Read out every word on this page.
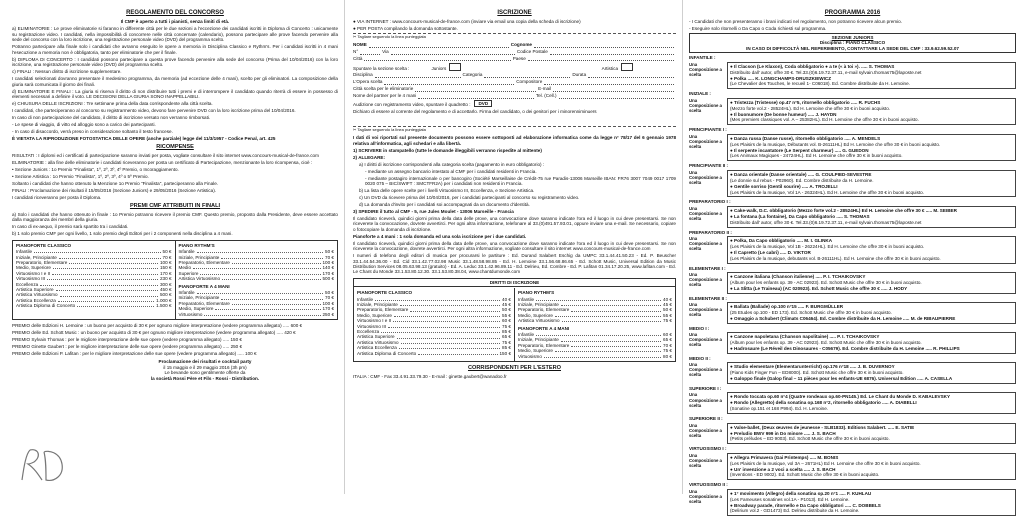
REGOLAMENTO DEL CONCORSO
Il CMF è aperto a tutti i pianisti, senza limiti di età.

a) ELIMINATORIE : Le prove eliminatorie si faranno in differente città per le due sezioni a l'eccezione dei candidati iscritti in Diploma di Concerto : unicamente su registrazione video. I candidati, nella impossibilità di concorrere nelle città concernate (calendario), possono partecipare alle prove facendo pervenire alla sede del concorso con la loro iscrizione, una registrazione personale video (DVD) del programma scelto.

Potranno partecipare alla finale solo i candidati che avranno eseguito le opere a memoria in Disciplina Classico e Rythm's. Per i candidati iscritti in 4 mani l'esecuzione a memoria non è obbligatoria, tanto per eliminatorie che per il finale.

b) DIPLOMA DI CONCERTO : I candidati possono partecipare a questa prove facendo pervenire alla sede del concorso (Prima del 10/04/2016) con la loro iscrizione, una registrazione personale video (DVD) del programma scelto.

c) FINALI : Nessun diritto di iscrizione supplementare.

I candidati selezionati dovranno presentare il medesimo programma, da memoria (ad eccezione delle 4 mani), scelto per gli eliminatori. La composizione della giuria sarà comunicata il giorno dei finali.

d) ELIMINATORIE E FINALI : La giuria si riserva il diritto di non distribuire tutti i premi e di interrompere il candidato quando riterrà di essere in possesso di elementi necessari a definire il voto. LE DECISIONI DELLA GIURIA SONO INAPPELLABILI.

e) CHIUSURA DELLE ISCRIZIONI : Tre settimane prima della data corrispondente alla città scelta.

I candidati, che parteciperanno al concorso su registrarmento video, devono fare pervenire DVD con la loro iscrizione prima del 10/04/2016.

In caso di non partecipazione del candidato, il diritto di iscrizione versato non verranno rimborsati.

- Le spese di viaggio, di vitto ed alloggio sono a carico dei partecipanti.

- In caso di disaccordo, verrà preso in considerazione soltanto il testo francese.

È VIETATA LA RIPRODUZIONE FOTOSTATICA DELLE OPERE (anche parziale) legge del 11/3/1957 - Codice Penal, art. 425

RICOMPENSE

RISULTATI : I diplomi ed i certificati di partecipazione saranno inviati per posta, vogliate consultare il sito internet www.concours-musical-de-france.com

ELIMINATORIE : alla fine delle eliminatorie i candidati riceveranno per posta un certificato di Partecipazione, menzionante la loro ricompensa, cioè :

• Sezione Juniors : 1o Premio "Finalista", 1º, 2º, 3º, 4º Premio, o Incoraggiamento.

• Sezione Artistica : 1o Premio "Finalista", 1º, 2º, 3º, 4º o 5º Premio.

Soltanto i candidati che hanno ottenuto la Menzione 1o Premio "Finalista", parteciperanno alla Finale.

FINALI : Proclamazione dei risultati il 15/05/2016 (Sezione Juniors) e 29/05/2016 (Sezione Artistica).

I candidati riceveranno per posta il Diploma.

PREMI CMF ATTRIBUITI IN FINALI

a) Solo i candidati che hanno ottenuto in finale : 1o Premio potranno ricevere il premio CMF. Questo premio, proposto dalla Presidente, deve essere accettato dalla maggioranza dei membri della giuria.

In caso di ex-aequo, il premio sarà spartito tra i candidati.

b) 1 solo premio CMF per ogni livello, 1 solo premio degli Editori per i 2 componenti nella disciplina a 4 mani.

PIANOFORTE CLASSICO
Infantile	50 €
Iniziale, Principiante	70 €
Preparatorio, Elementare	100 €
Medio, Superiore	150 €
Virtuosismo I e II	170 €
Virtuosismo III	230 €
Eccellenza	300 €
Artistica Superiore	450 €
Artistica Virtuosismo	500 €
Artistica Eccellenza	1.000 €
Artistica Diploma di Concerto	1.500 €
PIANO RYTHM'S
Infantile	50 €
Iniziale, Principiante	70 €
Preparatorio, Elementare	100 €
Medio	140 €
Superiore	170 €
Artistica Virtuosismo	500 €
PIANOFORTE A 4 MANI
Infantile	50 €
Iniziale, Principiante	70 €
Preparatorio, Elementare	100 €
Medio, Superiore	170 €
Virtuosismo	250 €

PREMIO delle Edizioni H. Lemoine : un buono per acquisto di 30 € per ognuno migliore interpretazione (vedere programma allegato) ..... 600 €

PREMIO delle Ed. Schott Music : un buono per acquisto di 30 € per ognuno migliore interpretazione (vedere programma allegato) ..... 420 €

PREMIO Sylvain Thomas : per le migliore interpretazione delle sue opere (vedere programma allegato) ..... 150 €

PREMIO Ginette Gaubert : per le migliore interpretazione delle sue opere (vedere programma allegato) ..... 250 €

PREMIO delle Edizioni P. Lafitan : per le migliore interpretazione delle sue opere (vedere programma allegato) ..... 100 €

Proclamazione dei risultati e cocktail party
il 15 maggio e il 29 maggio 2016 (3h pm)
Le bevande sono gentilmente offerte da
la società Rossi Père et Fils - Rossi - Distribution.
ISCRIZIONE

● VIA INTERNET : www.concours-musical-de-france.com (inviare via email una copia della scheda di iscrizione)

● PER POSTA compilando la domanda sottostante.

✂ Tagliare seguendo la linea punteggiata
NOME	Cognome
N°	Via	Codice Postale
Città	Paese
Spuntare la sezione scelta :	Juniors	Artistica
Disciplina	Categoria	Durata
L'Opera scelta	Compositore
Città scelta per le eliminatorie	E-mail
Nome del partner per le 4 mani	Tel. (Cell.)
Audizione con registramento video, spuntare il quadretto :	DVD

Dichiaro di essere al corrente del regolamento e di accettarlo. Firma del candidato, o dei genitori per i minorenniminuers

✂ Tagliare seguendo la linea punteggiata

I dati di voi riportati sul presente documento possono essere sottoposti ad elaborazione informatica come da legge n° 78/17 del 6 gennaio 1978 relativa all'informatica, agli schedari e alla libertà.

1) SCRIVERE in stampatello (tutte le domande illeggibili verranno rispedite al mittente)

2) ALLEGARE:

a) I diritti di iscrizione corrispondenti alla categoria scelta (pagamento in euro obbligatorio) :

- mediante un assegno bancario intestato al CMF per i candidati residenti in Francia.

- mediante postagiro internazionale o per bancogiro (Société Marseillaise de Crédit-75 rue Paradis-13006 Marseille IBAN: FR76 3007 7049 0017 1709 0020 075 – BIC/SWIFT : SMCTFR2A) per i candidati non residenti in Francia.

b) La lista delle opere scelte per i livelli Virtuosismo III, Eccellenza, e Sezione Artistica.

c) Un DVD da ricevere prima del 10/04/2016, per i candidati partecipanti al concorso su registramento video.

d) La domanda d'invito per i candidati soi accompagnati da un documento d'identità.

3) SPEDIRE il tutto al CMF - 5, rue Jules Moulet - 13006 Marseille - Francia

Il candidato riceverà, quindici giorni prima della data delle prove, una convocazione dove saranno indicate l'ora ed il luogo in cui deve presentarsi. Se non riceverete la convocazione, dovrete avvertirci. Per ogni altra informazione, telefonare al 33.(0)491.57.93.01, oppure inviare una e-mail. Se necessario, copiare o fotocopiare la domanda di iscrizione.

Pianoforte a 4 mani : 1 sola domanda ed una sola iscrizione per i due candidati.

Il candidato riceverà, quindici giorni prima della data delle prove, una convocazione dove saranno indicate l'ora ed il luogo in cui deve presentarsi. Se non riceverete la convocazione, dovrete avvertirci. Per ogni altra informazione, vogliate consultare il sito internet www.concours-musical-de-france.com

I numeri di telefono degli editori di musica per procurarsi le partiture : Ed. Durand Salabert Eschig da UMPC 33.1.44.41.50.23 - Ed. P. Beuscher 33.1.44.54.36.00 - Ed. Cid 33.1.42.77.02.98 Music 33.1.48.58.98.85 - Ed. H. Lemoine 33.1.56.68.86.65 - Ed. Schott Music, Universal Edition da Music Distribution Services 08.05.63.98.13 (gratuito) - Ed. A. Leduc 33.1.42.96.89.11 - Ed. Delrieu, Ed. Combre - Ed. P. Lafitan 01.34.17.20.25, www.lafitan.com - Ed. Le Chant du Monde 33.1.53.80.12.30. 33.1.53.80.38.04, www.chantdumonde.com

DIRITTI DI ISCRIZIONE
PIANOFORTE CLASSICO
Infantile	40 €
Iniziale, Principiante	45 €
Preparatorio, Elementare	50 €
Medio, Superiore	55 €
Virtuosismo I e II	60 €
Virtuosismo III	75 €
Eccellenza	85 €
Artistica Superiore	65 €
Artistica Virtuosismo	75 €
Artistica Eccellenza	85 €
Artistica Diploma di Concerto	150 €
PIANO RYTHM'S
Infantile	40 €
Iniziale, Principiante	45 €
Preparatorio, Elementare	50 €
Medio, Superiore	55 €
Artistica Virtuosismo	75 €
PIANOFORTE A 4 MANI
Infantile	60 €
Iniziale, Principiante	65 €
Preparatorio, Elementare	70 €
Medio, Superiore	75 €
Virtuosismo	80 €
CORRISPONDENTI PER L'ESTERO

ITALIA : CMF - Fax 33.4.91.33.79.30 - E-mail : ginette.gaubert@wanadoo.fr

PROGRAMMA 2016

- I Candidati che non presenteranno i brani indicati nel regolamento, non potranno ricevere alcun premio.

- Eseguire solo ritornelli o Da Capo o Coda richiesti sul programma.

SEZIONE JUNIORS
Disciplina : PIANO CLASSICO
IN CASO DI DIFFICOLTÀ NEL REPERIMENTO, CONTATTARE LA SEDE DEL CMF : 33.9.62.59.52.07
INFANTILE :
Una Composizione a scelta
● Il Clacson (Le Klaxon), Coda obbligatorio ● a te (« à toi »). ..... S. THOMAS
Distribuito dall' autor, offre 30 €. Tel.33.(0)6.19.72.37.11, e-mail sylvain.thomas75@laposte.net
● Polka ..... K. LONGCHAMPS-DRUSZKIEWICZ
(Le Chevalier des Touches, le recueil 1- C06018). Ed. Combre distribuite da H. Lemoine.
INIZIALE :
Una Composizione a scelta
● Tristezza (Tristesse) op.47 n°5, ritornello obbligatorio ..... R. FUCHS
(Mezzo forte vol.2 - 28524HL). Ed H. Lemoine che offre 30 € in buoni acquisto.
● Il buonumore (De bonne humeur) ..... J. HAYDN
(Mes premiers classiques vol. A – 25382HL). Ed H. Lemoine che offre 30 € in buoni acquisto.
PRINCIPIANTE I :
Una Composizione a scelta
● Danza russa (Danse russe), ritornello obbligatorio ..... A. MENDELS
(Les Plaisirs de la musique, Débutants vol. B-26111HL) Ed H. Lemoine che offre 30 € in buoni acquisto.
● Il serpente incantatore (Le Serpent charmeur) ..... G. GUEDON
(Les Animaux Magiques - 24724HL). Ed H. Lemoine che offre 30 € in buoni acquisto.
PRINCIPIANTE II :
Una Composizione a scelta
● Danza orientale (Danse orientale) ..... G. COULPIED-SEVESTRE
(Le donnie sul rebus - P02960). Ed. Combre distribuite da H. Lemoine.
● Gentile sorriso (Gentil sourire) ..... A. TROJELLI
(Les Plaisirs de la musique, Vol 1A - 26324HL). Ed H. Lemoine che offre 30 € in buoni acquisto.
PREPARATORIO I :
Una Composizione a scelta
● Cake-walk, D.C. obbligatorio (Mezzo forte vol.2 - 28524HL) Ed H. Lemoine che offre 30 € ..... M. SEIBER
● La fontana (La fontaine), Da Capo obbligatorio ..... S. THOMAS
Distribuito dall' autor, offre 30 €. Tel.33.(0)6.19.72.37.11, e-mail sylvain.thomas75@laposte.net
PREPARATORIO II :
Una Composizione a scelta
● Polka, Da Capo obbligatorio ..... M. I. GLINKA
(Les Plaisirs de la musique, Vol 1B - 26224HL). Ed H. Lemoine che offre 30 € in buoni acquisto.
● Il Capretto (Le cabri) ..... D. VIKTOR
(Les Plaisirs de la musique, debutants vol. B-26111HL). Ed H. Lemoine che offre 30 € in buoni acquisto.
ELEMENTARE I :
Una Composizione a scelta
● Canzone italiana (Chanson italienne) ..... P. I. TCHAIKOVSKY
(Album pour les enfants op. 39 - AC 02923). Ed. Schott Music che offre 30 € in buoni acquisto.
● La Slitta (Le Traineau) (AC 020923). Ed. Schott Music che offre 30 € ..... J. HODY
ELEMENTARE II :
Una Composizione a scelta
● Ballata (Ballade) op.100 n°15 ..... F. BURGMÜLLER
(25 Etudes op.100 - ED 173). Ed. Schott Music che offre 30 € in buoni acquisto.
● Omaggio a Schubert (Climats C06464). Ed. Combre distribuite da H. Lemoine ..... M. de RIBAUPIERRE
MEDIO I :
Una Composizione a scelta
● Canzone napoletana (Chanson napolitaine) ..... P. I. TCHAIKOVSKY
(Album pour les enfants op. 39 - AC 02923). Ed. Schott Music che offre 30 € in buoni acquisto.
● Hadrosaure (Le Réveil des Dinosaures - C05679). Ed. Combre distribuite da H. Lemoine ..... R. PHILLIPS
MEDIO II :
Una Composizione a scelta
● Studio elementare (Elementarunterricht) op.176 n°18 ..... J. B. DUVERNOY
(Piano Kids Finger Fun – ED8000). Ed. Schott Music che offre 30 € in buoni acquisto.
● Galoppo finale (Galop final – 11 pièces pour les enfants-UE 6876). Universal Edition ..... A. CASELLA
SUPERIORE I :
Una Composizione a scelta
● Rondo toccata op.60 n°4 (Quatre rondeaux op.60-PN145.) Ed. Le Chant du Monde D. KABALEVSKY
● Rondo (Allegretto) della sonatina op.168 n°2, ritornello obbligatorio ..... A. DIABELLI
(Sonatine op.151 et 168 P994). Ed. H. Lemoine.
SUPERIORE II :
Una Composizione a scelta
● Valse-ballet, (Deux œuvres de jeunesse - SLB1833). Editions Salabert. ..... E. SATIE
● Preludio BWV 999 in Do minore ..... J. S. BACH
(Petits préludes – ED 9003). Ed. Schott Music che offre 30 € in buoni acquisto.
VIRTUOSISMO I :
Una Composizione a scelta
● Allegra Primavera (Gai Printemps) ..... M. BONIS
(Les Plaisirs de la musique, vol 3A – 2671HL) Ed H. Lemoine che offre 30 € in buoni acquisto.
● Un' invenzione a 2 voci a scelta ..... J. S. BACH
(Inventions - ED 9002). Ed. Schott Music che offre 30 € in buoni acquisto.
VIRTUOSISMO II :
Una Composizione a scelta
● 1° movimento (Allegro) della sonatina op.20 n°1 ..... F. KUHLAU
(Les Fameuses sonatines vol.1A - P1013). Ed H. Lemoine.
● Broadway parade, ritornello e Da Capo obbligatori ..... C. DOBBELS
(Delirium vol.2 - GD1473) Ed. Delrieu distribuite da H. Lemoine.
